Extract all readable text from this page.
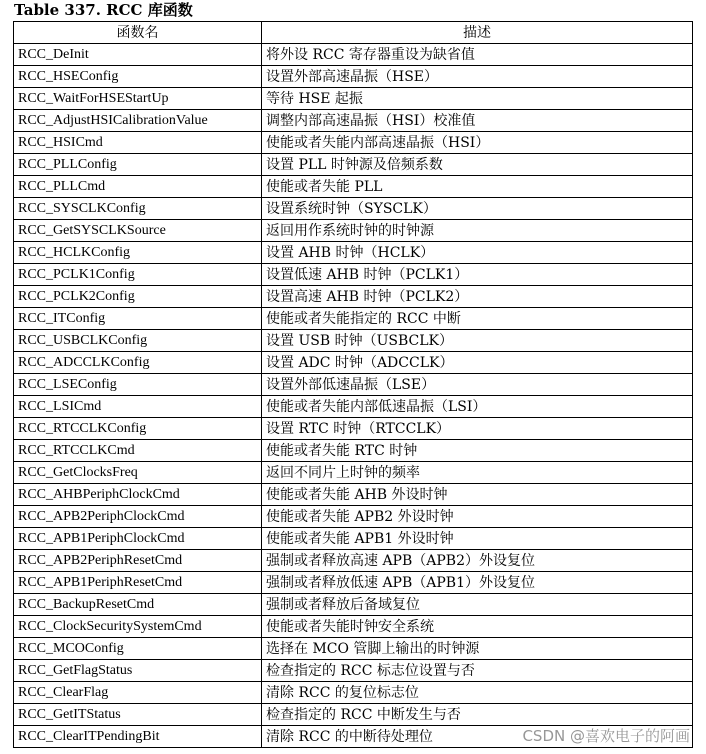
Table 337. RCC 库函数
函数名	描述
RCC_DeInit	将外设 RCC 寄存器重设为缺省值
RCC_HSEConfig	设置外部高速晶振（HSE）
RCC_WaitForHSEStartUp	等待 HSE 起振
RCC_AdjustHSICalibrationValue	调整内部高速晶振（HSI）校准值
RCC_HSICmd	使能或者失能内部高速晶振（HSI）
RCC_PLLConfig	设置 PLL 时钟源及倍频系数
RCC_PLLCmd	使能或者失能 PLL
RCC_SYSCLKConfig	设置系统时钟（SYSCLK）
RCC_GetSYSCLKSource	返回用作系统时钟的时钟源
RCC_HCLKConfig	设置 AHB 时钟（HCLK）
RCC_PCLK1Config	设置低速 AHB 时钟（PCLK1）
RCC_PCLK2Config	设置高速 AHB 时钟（PCLK2）
RCC_ITConfig	使能或者失能指定的 RCC 中断
RCC_USBCLKConfig	设置 USB 时钟（USBCLK）
RCC_ADCCLKConfig	设置 ADC 时钟（ADCCLK）
RCC_LSEConfig	设置外部低速晶振（LSE）
RCC_LSICmd	使能或者失能内部低速晶振（LSI）
RCC_RTCCLKConfig	设置 RTC 时钟（RTCCLK）
RCC_RTCCLKCmd	使能或者失能 RTC 时钟
RCC_GetClocksFreq	返回不同片上时钟的频率
RCC_AHBPeriphClockCmd	使能或者失能 AHB 外设时钟
RCC_APB2PeriphClockCmd	使能或者失能 APB2 外设时钟
RCC_APB1PeriphClockCmd	使能或者失能 APB1 外设时钟
RCC_APB2PeriphResetCmd	强制或者释放高速 APB（APB2）外设复位
RCC_APB1PeriphResetCmd	强制或者释放低速 APB（APB1）外设复位
RCC_BackupResetCmd	强制或者释放后备域复位
RCC_ClockSecuritySystemCmd	使能或者失能时钟安全系统
RCC_MCOConfig	选择在 MCO 管脚上输出的时钟源
RCC_GetFlagStatus	检查指定的 RCC 标志位设置与否
RCC_ClearFlag	清除 RCC 的复位标志位
RCC_GetITStatus	检查指定的 RCC 中断发生与否
RCC_ClearITPendingBit	清除 RCC 的中断待处理位	CSDN @喜欢电子的阿画
